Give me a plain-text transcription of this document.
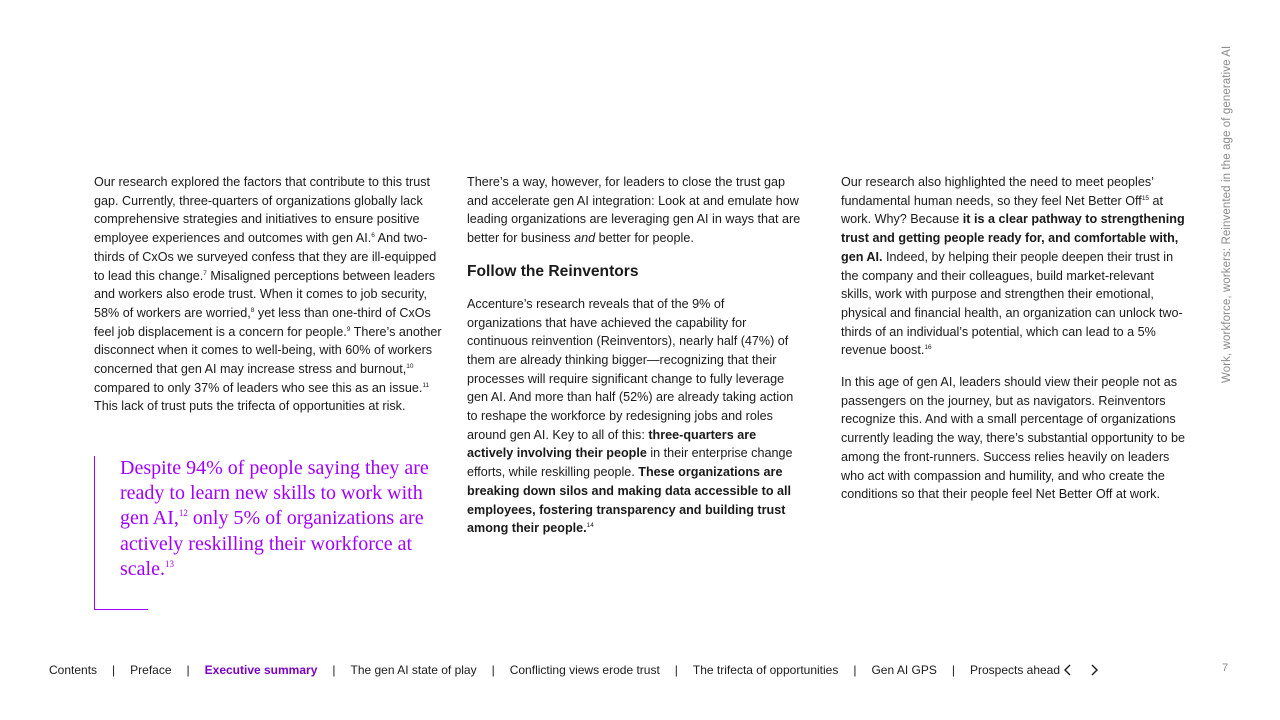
Work, workforce, workers: Reinvented in the age of generative AI

Our research explored the factors that contribute to this trust gap. Currently, three-quarters of organizations globally lack comprehensive strategies and initiatives to ensure positive employee experiences and outcomes with gen AI.$^6$ And two-thirds of CxOs we surveyed confess that they are ill-equipped to lead this change.$^7$ Misaligned perceptions between leaders and workers also erode trust. When it comes to job security, 58% of workers are worried,$^8$ yet less than one-third of CxOs feel job displacement is a concern for people.$^9$ There’s another disconnect when it comes to well-being, with 60% of workers concerned that gen AI may increase stress and burnout,$^{10}$ compared to only 37% of leaders who see this as an issue.$^{11}$ This lack of trust puts the trifecta of opportunities at risk.

Despite 94% of people saying they are ready to learn new skills to work with gen AI,$^{12}$ only 5% of organizations are actively reskilling their workforce at scale.$^{13}$

There’s a way, however, for leaders to close the trust gap and accelerate gen AI integration: Look at and emulate how leading organizations are leveraging gen AI in ways that are better for business and better for people.

Follow the Reinventors

Accenture’s research reveals that of the 9% of organizations that have achieved the capability for continuous reinvention (Reinventors), nearly half (47%) of them are already thinking bigger—recognizing that their processes will require significant change to fully leverage gen AI. And more than half (52%) are already taking action to reshape the workforce by redesigning jobs and roles around gen AI. Key to all of this: three-quarters are actively involving their people in their enterprise change efforts, while reskilling people. These organizations are breaking down silos and making data accessible to all employees, fostering transparency and building trust among their people.$^{14}$

Our research also highlighted the need to meet peoples’ fundamental human needs, so they feel Net Better Off$^{15}$ at work. Why? Because it is a clear pathway to strengthening trust and getting people ready for, and comfortable with, gen AI. Indeed, by helping their people deepen their trust in the company and their colleagues, build market-relevant skills, work with purpose and strengthen their emotional, physical and financial health, an organization can unlock two-thirds of an individual’s potential, which can lead to a 5% revenue boost.$^{16}$

In this age of gen AI, leaders should view their people not as passengers on the journey, but as navigators. Reinventors recognize this. And with a small percentage of organizations currently leading the way, there’s substantial opportunity to be among the front-runners. Success relies heavily on leaders who act with compassion and humility, and who create the conditions so that their people feel Net Better Off at work.

Contents | Preface | Executive summary | The gen AI state of play | Conflicting views erode trust | The trifecta of opportunities | Gen AI GPS | Prospects ahead	7
